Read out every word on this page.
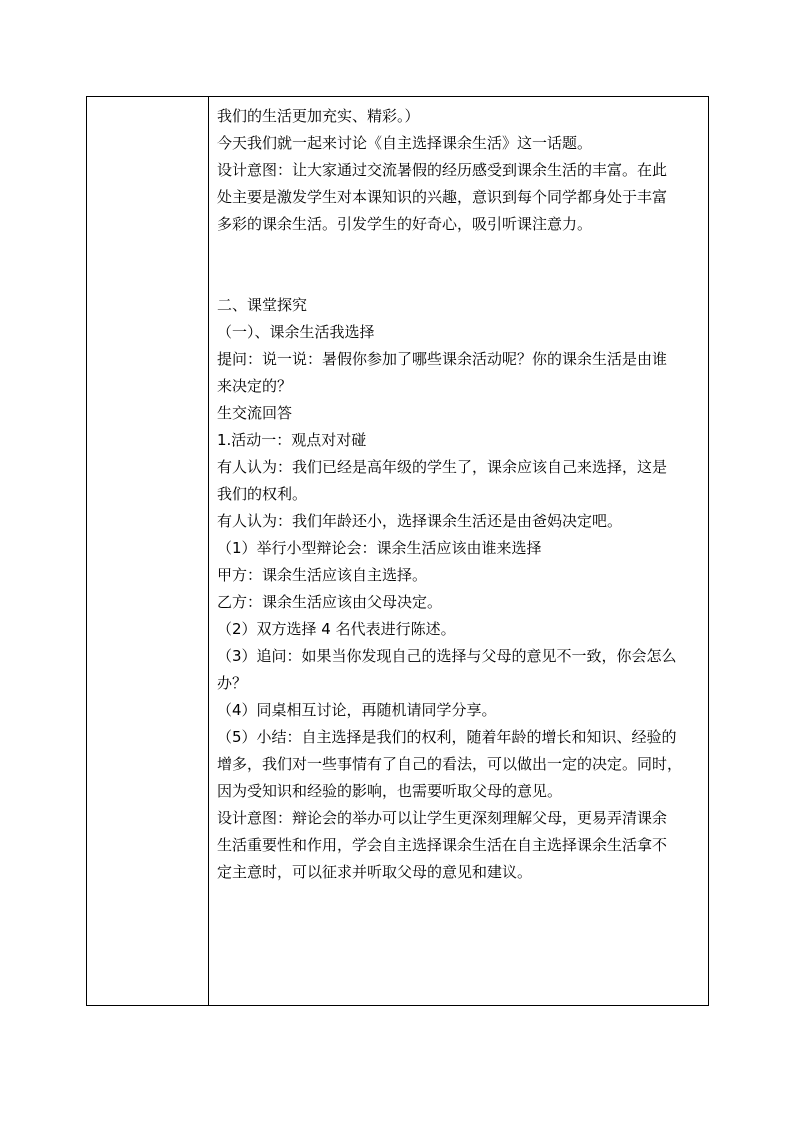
我们的生活更加充实、精彩。）

今天我们就一起来讨论《自主选择课余生活》这一话题。

设计意图：让大家通过交流暑假的经历感受到课余生活的丰富。在此

处主要是激发学生对本课知识的兴趣，意识到每个同学都身处于丰富

多彩的课余生活。引发学生的好奇心，吸引听课注意力。

二、课堂探究

（一）、课余生活我选择

提问：说一说：暑假你参加了哪些课余活动呢？你的课余生活是由谁

来决定的？

生交流回答

1.活动一：观点对对碰

有人认为：我们已经是高年级的学生了，课余应该自己来选择，这是

我们的权利。

有人认为：我们年龄还小，选择课余生活还是由爸妈决定吧。

（1）举行小型辩论会：课余生活应该由谁来选择

甲方：课余生活应该自主选择。

乙方：课余生活应该由父母决定。

（2）双方选择 4 名代表进行陈述。

（3）追问：如果当你发现自己的选择与父母的意见不一致，你会怎么

办？

（4）同桌相互讨论，再随机请同学分享。

（5）小结：自主选择是我们的权利，随着年龄的增长和知识、经验的

增多，我们对一些事情有了自己的看法，可以做出一定的决定。同时，

因为受知识和经验的影响，也需要听取父母的意见。

设计意图：辩论会的举办可以让学生更深刻理解父母，更易弄清课余

生活重要性和作用，学会自主选择课余生活在自主选择课余生活拿不

定主意时，可以征求并听取父母的意见和建议。
